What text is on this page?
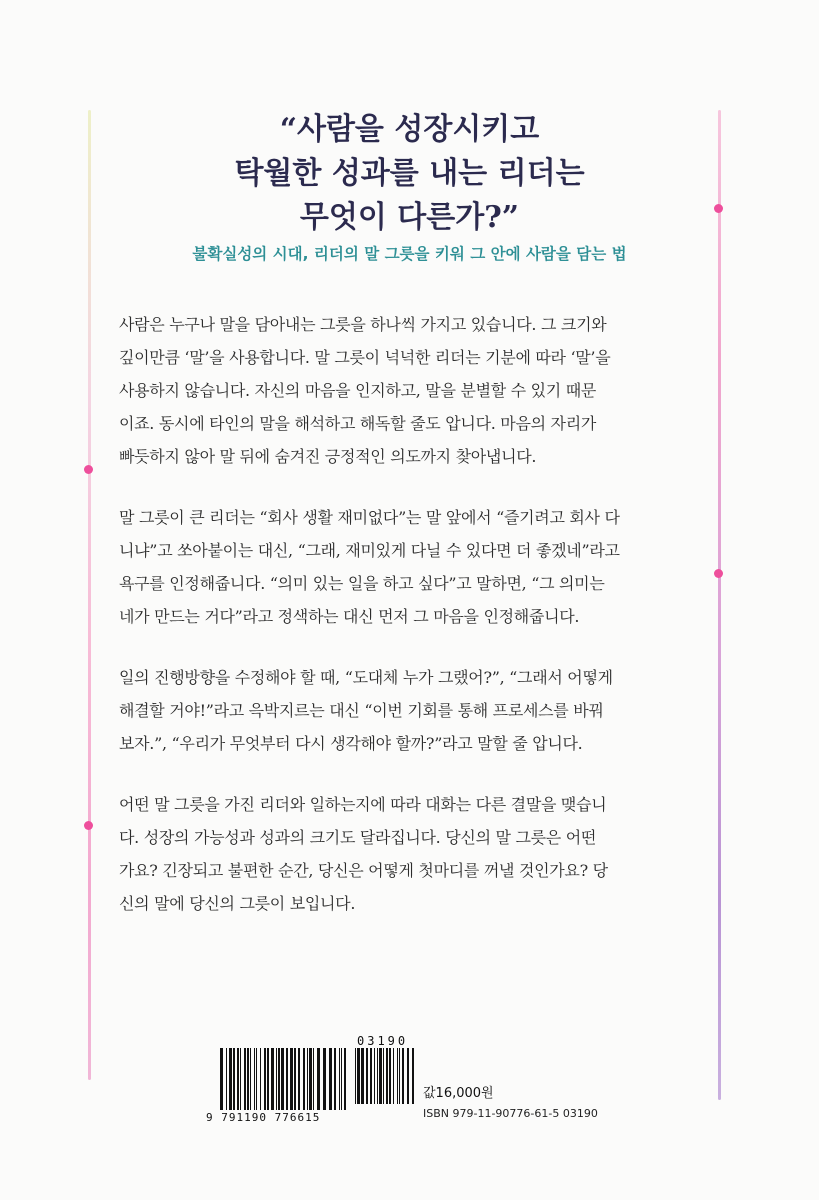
“사람을 성장시키고
탁월한 성과를 내는 리더는
무엇이 다른가?”
불확실성의 시대, 리더의 말 그릇을 키워 그 안에 사람을 담는 법
사람은 누구나 말을 담아내는 그릇을 하나씩 가지고 있습니다. 그 크기와
깊이만큼 ‘말’을 사용합니다. 말 그릇이 넉넉한 리더는 기분에 따라 ‘말’을
사용하지 않습니다. 자신의 마음을 인지하고, 말을 분별할 수 있기 때문
이죠. 동시에 타인의 말을 해석하고 해독할 줄도 압니다. 마음의 자리가
빠듯하지 않아 말 뒤에 숨겨진 긍정적인 의도까지 찾아냅니다.
말 그릇이 큰 리더는 “회사 생활 재미없다”는 말 앞에서 “즐기려고 회사 다
니냐”고 쏘아붙이는 대신, “그래, 재미있게 다닐 수 있다면 더 좋겠네”라고
욕구를 인정해줍니다. “의미 있는 일을 하고 싶다”고 말하면, “그 의미는
네가 만드는 거다”라고 정색하는 대신 먼저 그 마음을 인정해줍니다.
일의 진행방향을 수정해야 할 때, “도대체 누가 그랬어?”, “그래서 어떻게
해결할 거야!”라고 윽박지르는 대신 “이번 기회를 통해 프로세스를 바꿔
보자.”, “우리가 무엇부터 다시 생각해야 할까?”라고 말할 줄 압니다.
어떤 말 그릇을 가진 리더와 일하는지에 따라 대화는 다른 결말을 맺습니
다. 성장의 가능성과 성과의 크기도 달라집니다. 당신의 말 그릇은 어떤
가요? 긴장되고 불편한 순간, 당신은 어떻게 첫마디를 꺼낼 것인가요? 당
신의 말에 당신의 그릇이 보입니다.
03190
9 791190 776615
값16,000원
ISBN 979-11-90776-61-5 03190
